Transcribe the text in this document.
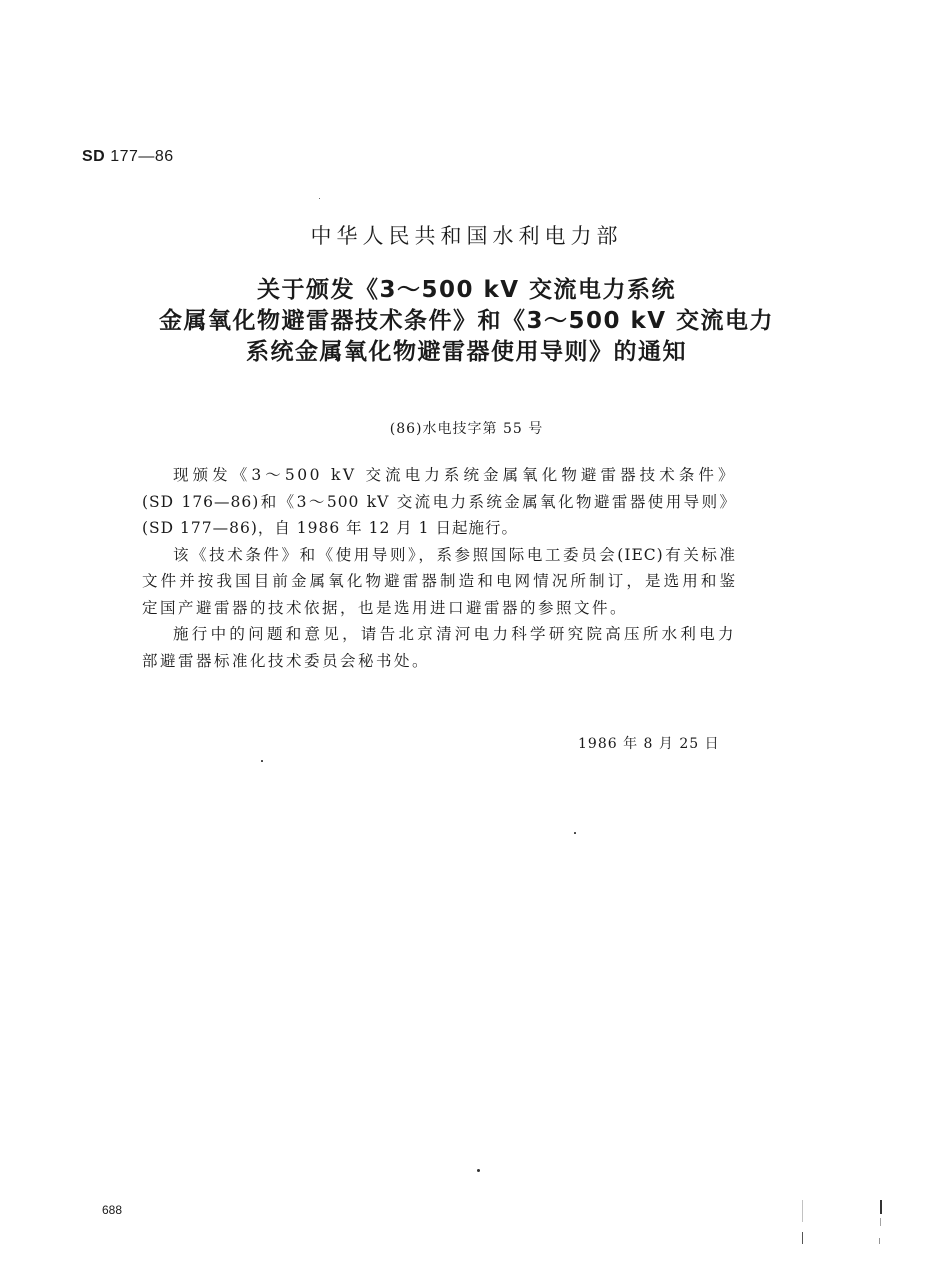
SD 177—86
中华人民共和国水利电力部
关于颁发《3～500 kV 交流电力系统
金属氧化物避雷器技术条件》和《3～500 kV 交流电力
系统金属氧化物避雷器使用导则》的通知
(86)水电技字第 55 号

现颁发《3～500 kV 交流电力系统金属氧化物避雷器技术条件》
(SD 176—86)和《3～500 kV 交流电力系统金属氧化物避雷器使用导则》
(SD 177—86)，自 1986 年 12 月 1 日起施行。

该《技术条件》和《使用导则》，系参照国际电工委员会(IEC)有关标准
文件并按我国目前金属氧化物避雷器制造和电网情况所制订，是选用和鉴
定国产避雷器的技术依据，也是选用进口避雷器的参照文件。

施行中的问题和意见，请告北京清河电力科学研究院高压所水利电力
部避雷器标准化技术委员会秘书处。

1986 年 8 月 25 日
688
